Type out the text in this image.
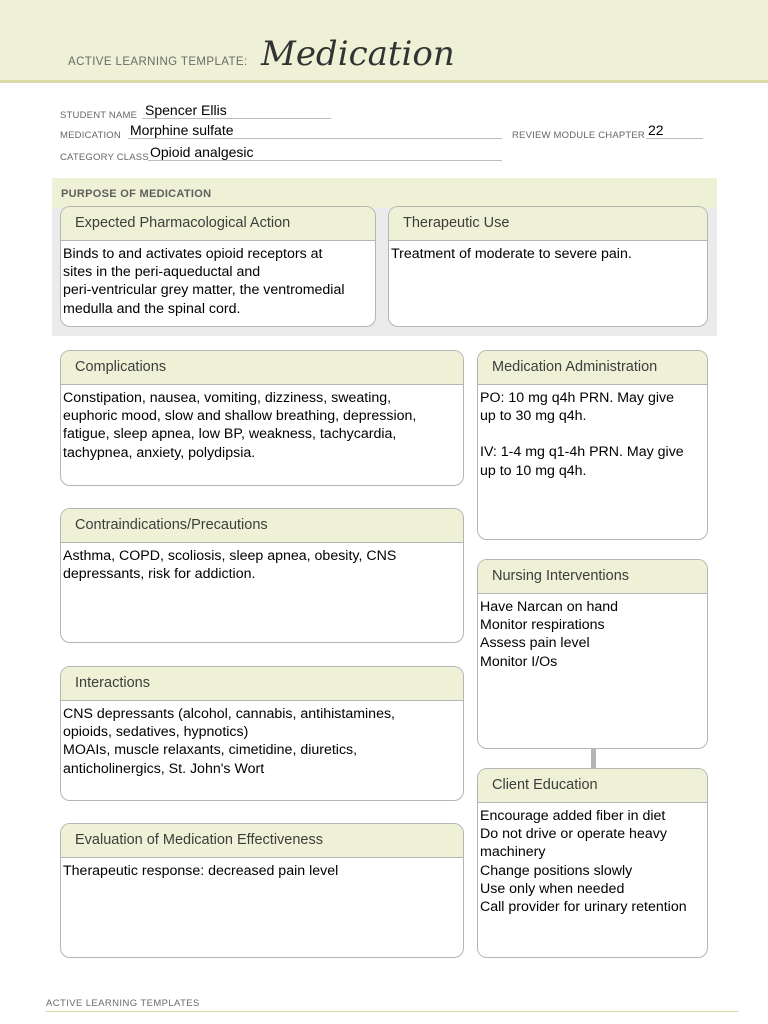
ACTIVE LEARNING TEMPLATE: Medication
STUDENT NAME Spencer Ellis
MEDICATION Morphine sulfate	REVIEW MODULE CHAPTER 22
CATEGORY CLASS Opioid analgesic
PURPOSE OF MEDICATION
Expected Pharmacological Action
Binds to and activates opioid receptors at
sites in the peri-aqueductal and
peri-ventricular grey matter, the ventromedial
medulla and the spinal cord.
Therapeutic Use
Treatment of moderate to severe pain.
Complications
Constipation, nausea, vomiting, dizziness, sweating,
euphoric mood, slow and shallow breathing, depression,
fatigue, sleep apnea, low BP, weakness, tachycardia,
tachypnea, anxiety, polydipsia.
Contraindications/Precautions
Asthma, COPD, scoliosis, sleep apnea, obesity, CNS
depressants, risk for addiction.
Interactions
CNS depressants (alcohol, cannabis, antihistamines,
opioids, sedatives, hypnotics)
MOAIs, muscle relaxants, cimetidine, diuretics,
anticholinergics, St. John's Wort
Evaluation of Medication Effectiveness
Therapeutic response: decreased pain level
Medication Administration
PO: 10 mg q4h PRN. May give
up to 30 mg q4h.
IV: 1-4 mg q1-4h PRN. May give
up to 10 mg q4h.
Nursing Interventions
Have Narcan on hand
Monitor respirations
Assess pain level
Monitor I/Os
Client Education
Encourage added fiber in diet
Do not drive or operate heavy
machinery
Change positions slowly
Use only when needed
Call provider for urinary retention
ACTIVE LEARNING TEMPLATES
